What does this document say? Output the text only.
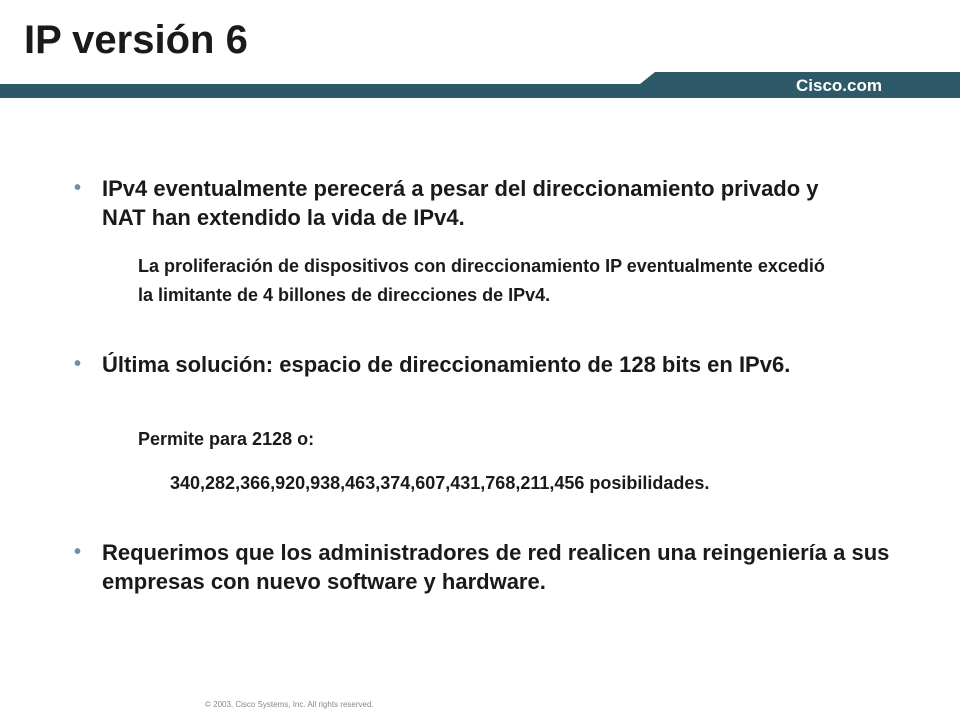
IP versión 6
Cisco.com
• IPv4 eventualmente perecerá a pesar del direccionamiento privado y NAT han extendido la vida de IPv4.
La proliferación de dispositivos con direccionamiento IP eventualmente excedió la limitante de 4 billones de direcciones de IPv4.
• Última solución: espacio de direccionamiento de 128 bits en IPv6.
Permite para 2128 o:
340,282,366,920,938,463,374,607,431,768,211,456 posibilidades.
• Requerimos que los administradores de red realicen una reingeniería a sus empresas con nuevo software y hardware.
© 2003, Cisco Systems, Inc. All rights reserved.
